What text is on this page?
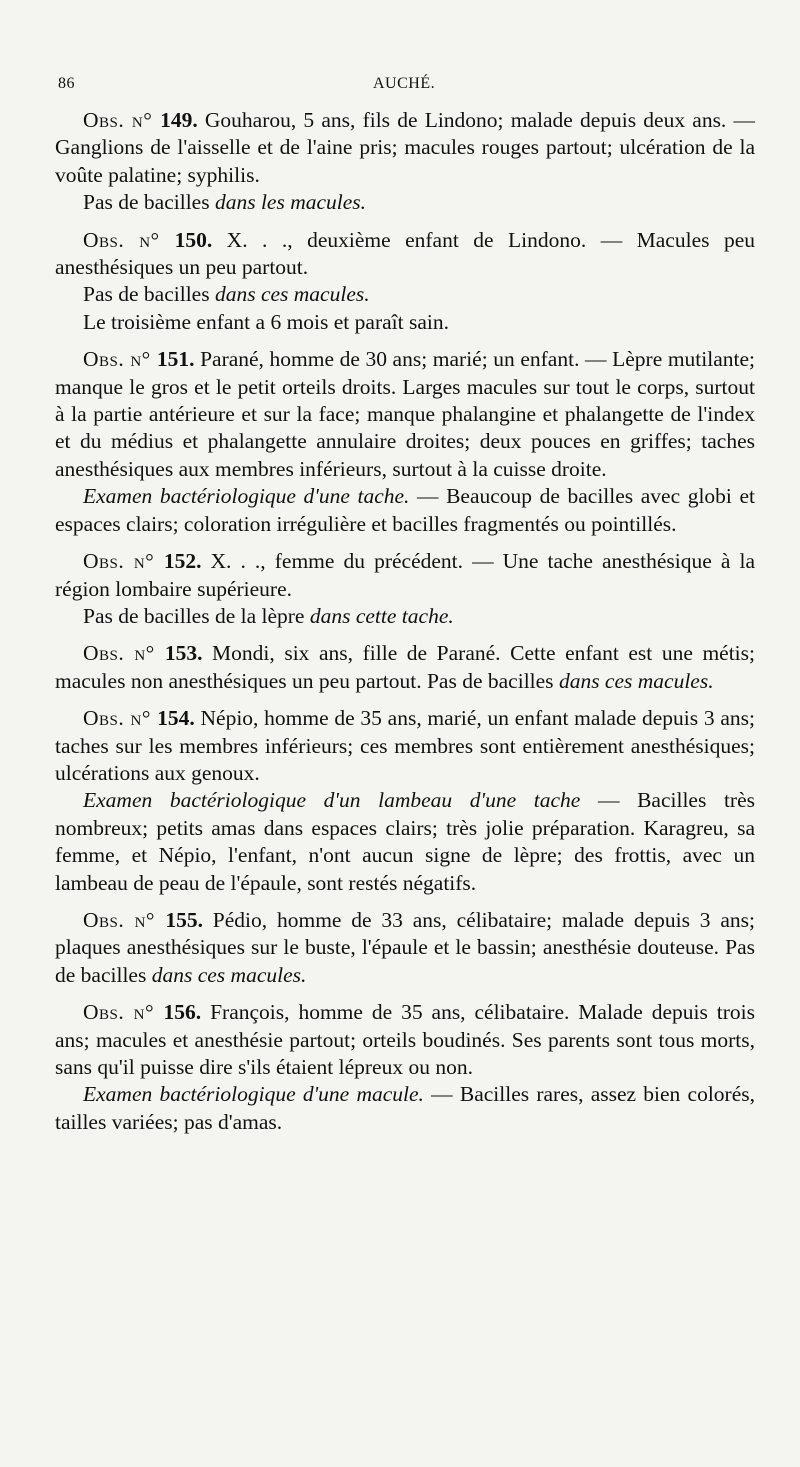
86	AUCHÉ.

Obs. n° 149. Gouharou, 5 ans, fils de Lindono; malade depuis deux ans. — Ganglions de l'aisselle et de l'aine pris; macules rouges partout; ulcération de la voûte palatine; syphilis.

Pas de bacilles dans les macules.

Obs. n° 150. X. . ., deuxième enfant de Lindono. — Macules peu anesthésiques un peu partout.

Pas de bacilles dans ces macules.

Le troisième enfant a 6 mois et paraît sain.

Obs. n° 151. Parané, homme de 30 ans; marié; un enfant. — Lèpre mutilante; manque le gros et le petit orteils droits. Larges macules sur tout le corps, surtout à la partie antérieure et sur la face; manque phalangine et phalangette de l'index et du médius et phalangette annulaire droites; deux pouces en griffes; taches anesthésiques aux membres inférieurs, surtout à la cuisse droite.

Examen bactériologique d'une tache. — Beaucoup de bacilles avec globi et espaces clairs; coloration irrégulière et bacilles fragmentés ou pointillés.

Obs. n° 152. X. . ., femme du précédent. — Une tache anesthésique à la région lombaire supérieure.

Pas de bacilles de la lèpre dans cette tache.

Obs. n° 153. Mondi, six ans, fille de Parané. Cette enfant est une métis; macules non anesthésiques un peu partout. Pas de bacilles dans ces macules.

Obs. n° 154. Népio, homme de 35 ans, marié, un enfant malade depuis 3 ans; taches sur les membres inférieurs; ces membres sont entièrement anesthésiques; ulcérations aux genoux.

Examen bactériologique d'un lambeau d'une tache — Bacilles très nombreux; petits amas dans espaces clairs; très jolie préparation. Karagreu, sa femme, et Népio, l'enfant, n'ont aucun signe de lèpre; des frottis, avec un lambeau de peau de l'épaule, sont restés négatifs.

Obs. n° 155. Pédio, homme de 33 ans, célibataire; malade depuis 3 ans; plaques anesthésiques sur le buste, l'épaule et le bassin; anesthésie douteuse. Pas de bacilles dans ces macules.

Obs. n° 156. François, homme de 35 ans, célibataire. Malade depuis trois ans; macules et anesthésie partout; orteils boudinés. Ses parents sont tous morts, sans qu'il puisse dire s'ils étaient lépreux ou non.

Examen bactériologique d'une macule. — Bacilles rares, assez bien colorés, tailles variées; pas d'amas.
